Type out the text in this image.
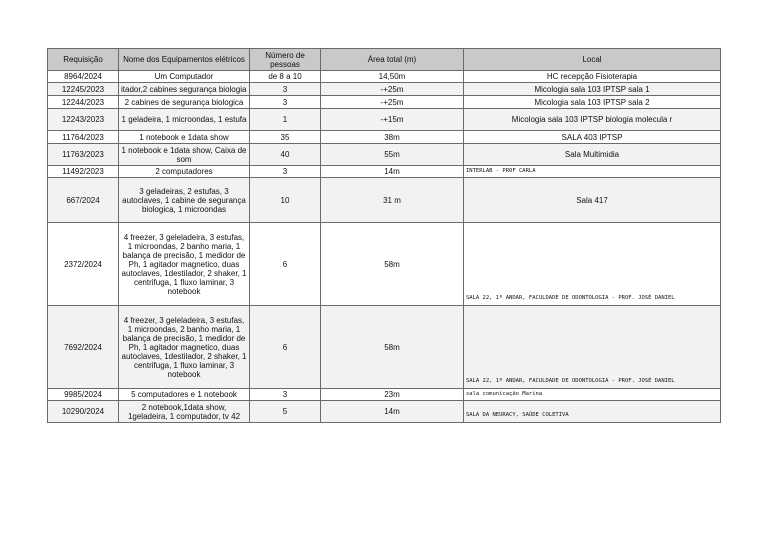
Requisição	Nome dos Equipamentos elétricos	Número de pessoas	Área total (m)	Local
8964/2024	Um Computador	de 8 a 10	14,50m	HC recepção Fisioterapia
12245/2023	itador,2 cabines segurança biologia	3	-+25m	Micologia sala 103 IPTSP sala 1
12244/2023	2 cabines de segurança biologica	3	-+25m	Micologia sala 103 IPTSP sala 2
12243/2023	1 geladeira, 1 microondas, 1 estufa	1	-+15m	Micologia sala 103 IPTSP biologia molecula r
11764/2023	1 notebook e 1data show	35	38m	SALA 403 IPTSP
11763/2023	1 notebook e 1data show, Caixa de som	40	55m	Sala Multimidia
11492/2023	2 computadores	3	14m	INTERLAB - PROF CARLA
667/2024	3 geladeiras, 2 estufas, 3 autoclaves, 1 cabine de segurança biologica, 1 microondas	10	31 m	Sala 417
2372/2024	4 freezer, 3 geleladeira, 3 estufas, 1 microondas, 2 banho maria, 1 balança de precisão, 1 medidor de Ph, 1 agitador magnetico, duas autoclaves, 1destilador, 2 shaker, 1 centrifuga, 1 fluxo laminar, 3 notebook	6	58m	SALA 22, 1º ANDAR, FACULDADE DE ODONTOLOGIA - PROF. JOSÉ DANIEL
7692/2024	4 freezer, 3 geleladeira, 3 estufas, 1 microondas, 2 banho maria, 1 balança de precisão, 1 medidor de Ph, 1 agitador magnetico, duas autoclaves, 1destilador, 2 shaker, 1 centrifuga, 1 fluxo laminar, 3 notebook	6	58m	SALA 22, 1º ANDAR, FACULDADE DE ODONTOLOGIA - PROF. JOSÉ DANIEL
9985/2024	5 computadores e 1 notebook	3	23m	sala comunicação Marina
10290/2024	2 notebook,1data show, 1geladeira, 1 computador, tv 42	5	14m	SALA DA NEURACY, SAÚDE COLETIVA
